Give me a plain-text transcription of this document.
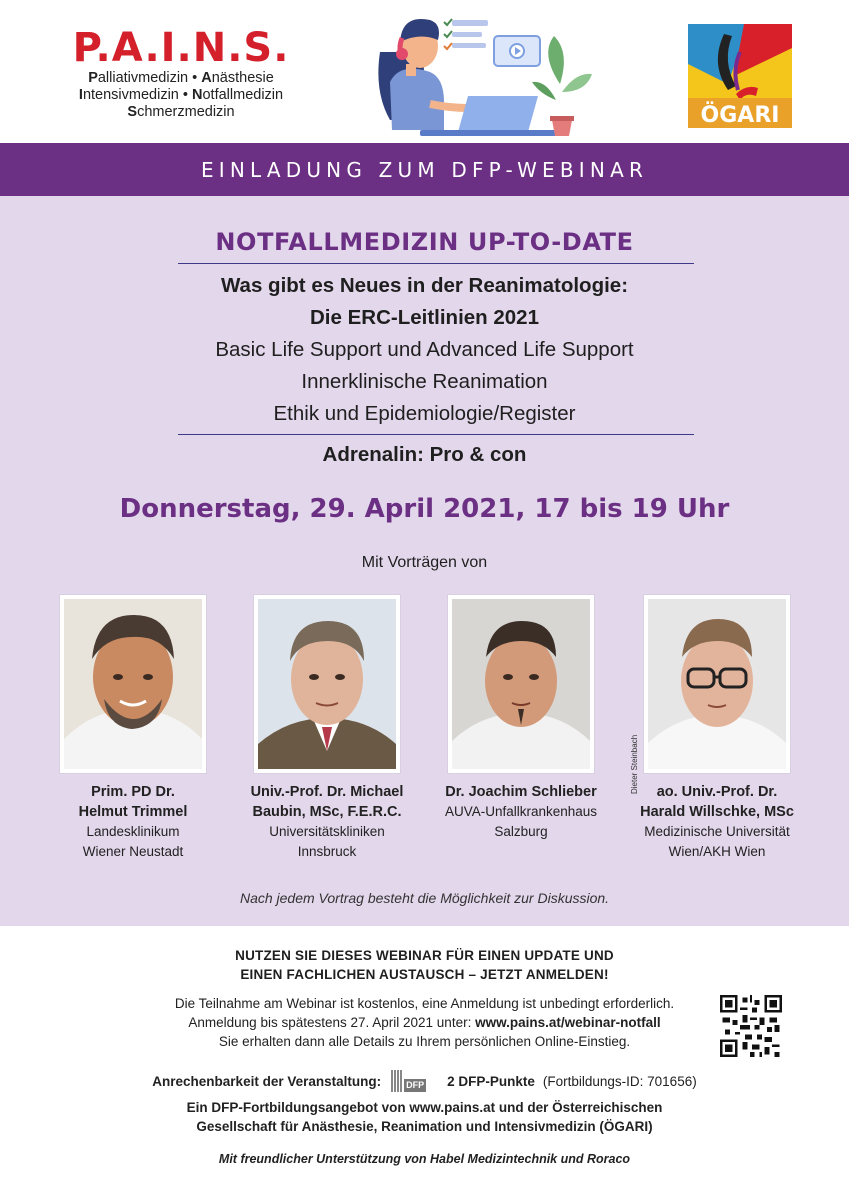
P.A.I.N.S.
Palliativmedizin • Anästhesie
Intensivmedizin • Notfallmedizin
Schmerzmedizin	ÖGARI
EINLADUNG ZUM DFP-WEBINAR
NOTFALLMEDIZIN UP-TO-DATE
Was gibt es Neues in der Reanimatologie:
Die ERC-Leitlinien 2021
Basic Life Support und Advanced Life Support
Innerklinische Reanimation
Ethik und Epidemiologie/Register
Adrenalin: Pro & con
Donnerstag, 29. April 2021, 17 bis 19 Uhr
Mit Vorträgen von
Prim. PD Dr.
Helmut Trimmel
Landesklinikum
Wiener Neustadt
Univ.-Prof. Dr. Michael
Baubin, MSc, F.E.R.C.
Universitätskliniken
Innsbruck
Dr. Joachim Schlieber
AUVA-Unfallkrankenhaus
Salzburg
Dieter Steinbach	ao. Univ.-Prof. Dr.
Harald Willschke, MSc
Medizinische Universität
Wien/AKH Wien
Nach jedem Vortrag besteht die Möglichkeit zur Diskussion.
NUTZEN SIE DIESES WEBINAR FÜR EINEN UPDATE UND
EINEN FACHLICHEN AUSTAUSCH – JETZT ANMELDEN!
Die Teilnahme am Webinar ist kostenlos, eine Anmeldung ist unbedingt erforderlich.
Anmeldung bis spätestens 27. April 2021 unter: www.pains.at/webinar-notfall
Sie erhalten dann alle Details zu Ihrem persönlichen Online-Einstieg.
Anrechenbarkeit der Veranstaltung:	DFP 2 DFP-Punkte (Fortbildungs-ID: 701656)
Ein DFP-Fortbildungsangebot von www.pains.at und der Österreichischen
Gesellschaft für Anästhesie, Reanimation und Intensivmedizin (ÖGARI)
Mit freundlicher Unterstützung von Habel Medizintechnik und Roraco
